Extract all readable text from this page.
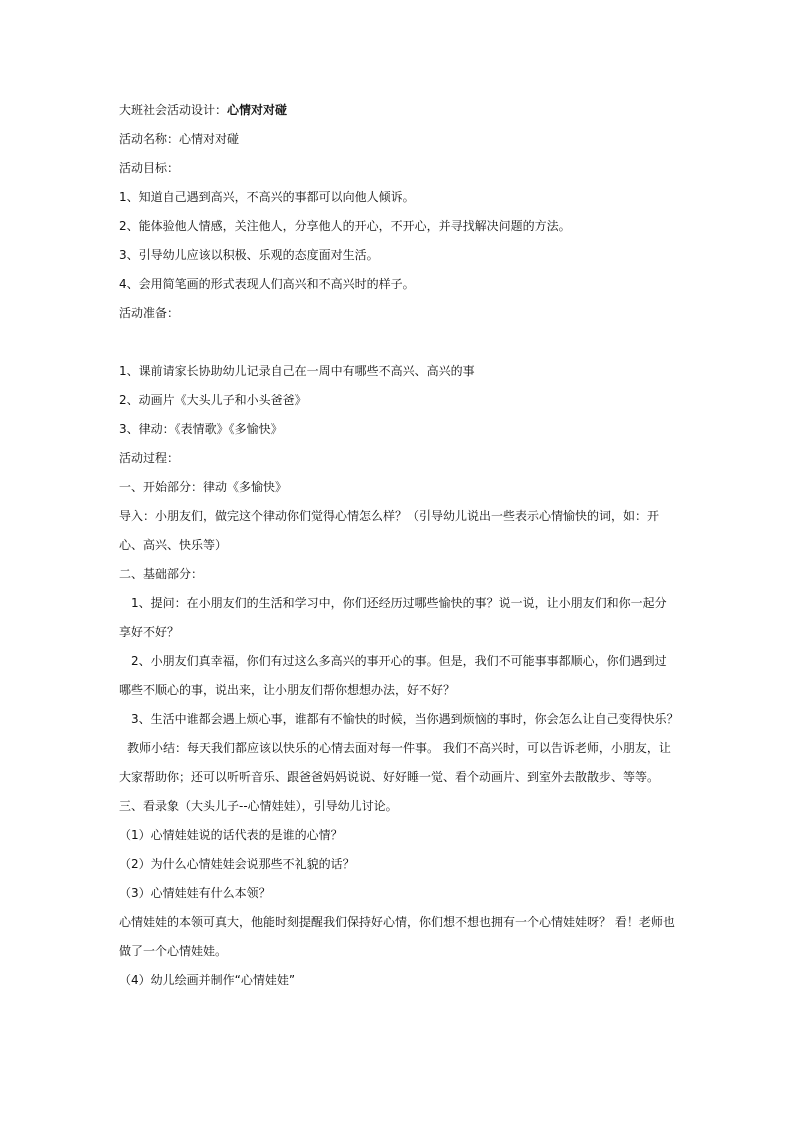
大班社会活动设计：心情对对碰
活动名称：心情对对碰
活动目标：
1、知道自己遇到高兴，不高兴的事都可以向他人倾诉。
2、能体验他人情感，关注他人，分享他人的开心，不开心，并寻找解决问题的方法。
3、引导幼儿应该以积极、乐观的态度面对生活。
4、会用简笔画的形式表现人们高兴和不高兴时的样子。
活动准备：
1、课前请家长协助幼儿记录自己在一周中有哪些不高兴、高兴的事
2、动画片《大头儿子和小头爸爸》
3、律动：《表情歌》《多愉快》
活动过程：
一、开始部分：律动《多愉快》
导入：小朋友们，做完这个律动你们觉得心情怎么样？（引导幼儿说出一些表示心情愉快的词，如：开心、高兴、快乐等）
二、基础部分：
1、提问：在小朋友们的生活和学习中，你们还经历过哪些愉快的事？说一说，让小朋友们和你一起分享好不好？
2、小朋友们真幸福，你们有过这么多高兴的事开心的事。但是，我们不可能事事都顺心，你们遇到过哪些不顺心的事，说出来，让小朋友们帮你想想办法，好不好？
3、生活中谁都会遇上烦心事，谁都有不愉快的时候，当你遇到烦恼的事时，你会怎么让自己变得快乐？
教师小结：每天我们都应该以快乐的心情去面对每一件事。 我们不高兴时，可以告诉老师，小朋友，让大家帮助你；还可以听听音乐、跟爸爸妈妈说说、好好睡一觉、看个动画片、到室外去散散步、等等。
三、看录象（大头儿子--心情娃娃），引导幼儿讨论。
（1）心情娃娃说的话代表的是谁的心情？
（2）为什么心情娃娃会说那些不礼貌的话？
（3）心情娃娃有什么本领？
心情娃娃的本领可真大，他能时刻提醒我们保持好心情，你们想不想也拥有一个心情娃娃呀？ 看！老师也做了一个心情娃娃。
（4）幼儿绘画并制作“心情娃娃”
